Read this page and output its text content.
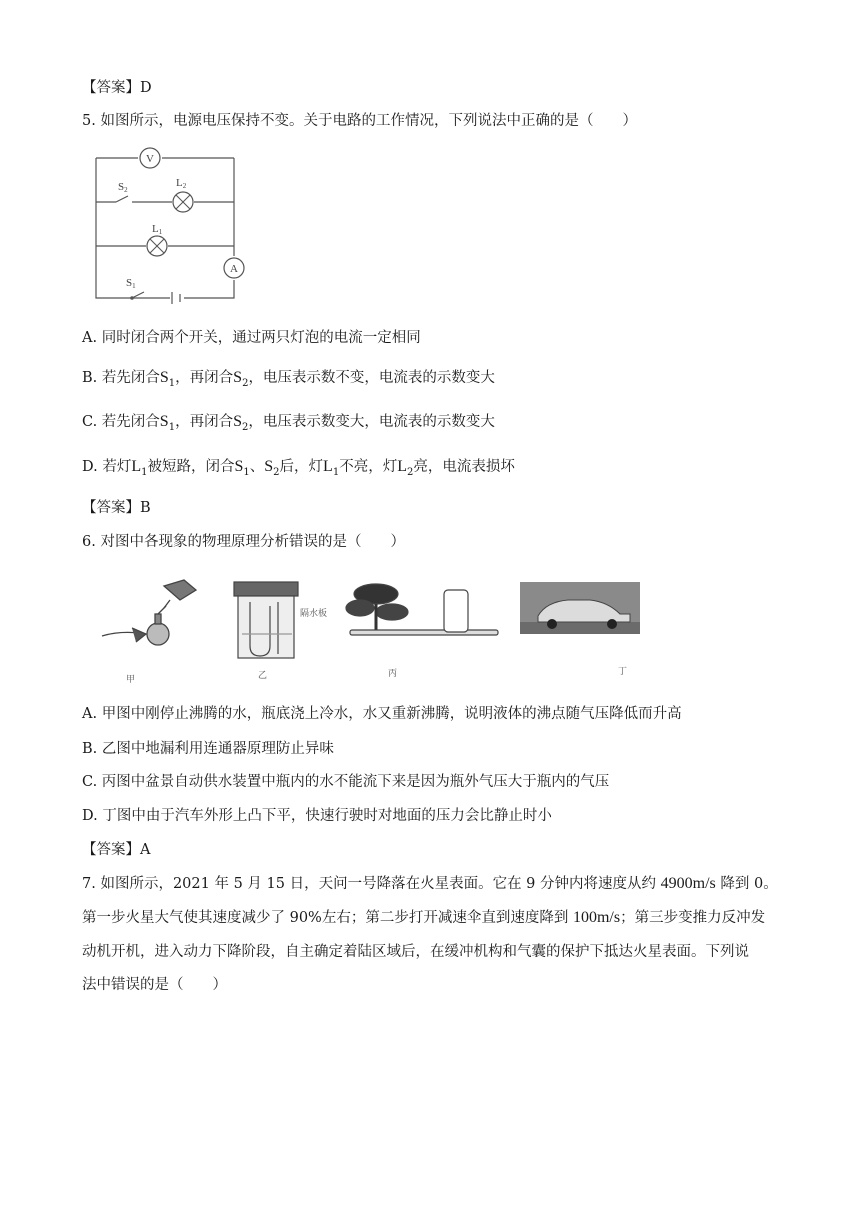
【答案】D
5. 如图所示，电源电压保持不变。关于电路的工作情况，下列说法中正确的是（　　）
V
A
S2
L2
L1
S1
A. 同时闭合两个开关，通过两只灯泡的电流一定相同
B. 若先闭合$S_1$，再闭合$S_2$，电压表示数不变，电流表的示数变大
C. 若先闭合$S_1$，再闭合$S_2$，电压表示数变大，电流表的示数变大
D. 若灯$L_1$被短路，闭合$S_1$、$S_2$后，灯$L_1$不亮，灯$L_2$亮，电流表损坏
【答案】B
6. 对图中各现象的物理原理分析错误的是（　　）
甲
隔水板
乙	丙	丁
A. 甲图中刚停止沸腾的水，瓶底浇上冷水，水又重新沸腾，说明液体的沸点随气压降低而升高
B. 乙图中地漏利用连通器原理防止异味
C. 丙图中盆景自动供水装置中瓶内的水不能流下来是因为瓶外气压大于瓶内的气压
D. 丁图中由于汽车外形上凸下平，快速行驶时对地面的压力会比静止时小
【答案】A
7. 如图所示，2021 年 5 月 15 日，天问一号降落在火星表面。它在 9 分钟内将速度从约 4900m/s 降到 0。
第一步火星大气使其速度减少了 90%左右；第二步打开减速伞直到速度降到 100m/s；第三步变推力反冲发
动机开机，进入动力下降阶段，自主确定着陆区域后，在缓冲机构和气囊的保护下抵达火星表面。下列说
法中错误的是（　　）
